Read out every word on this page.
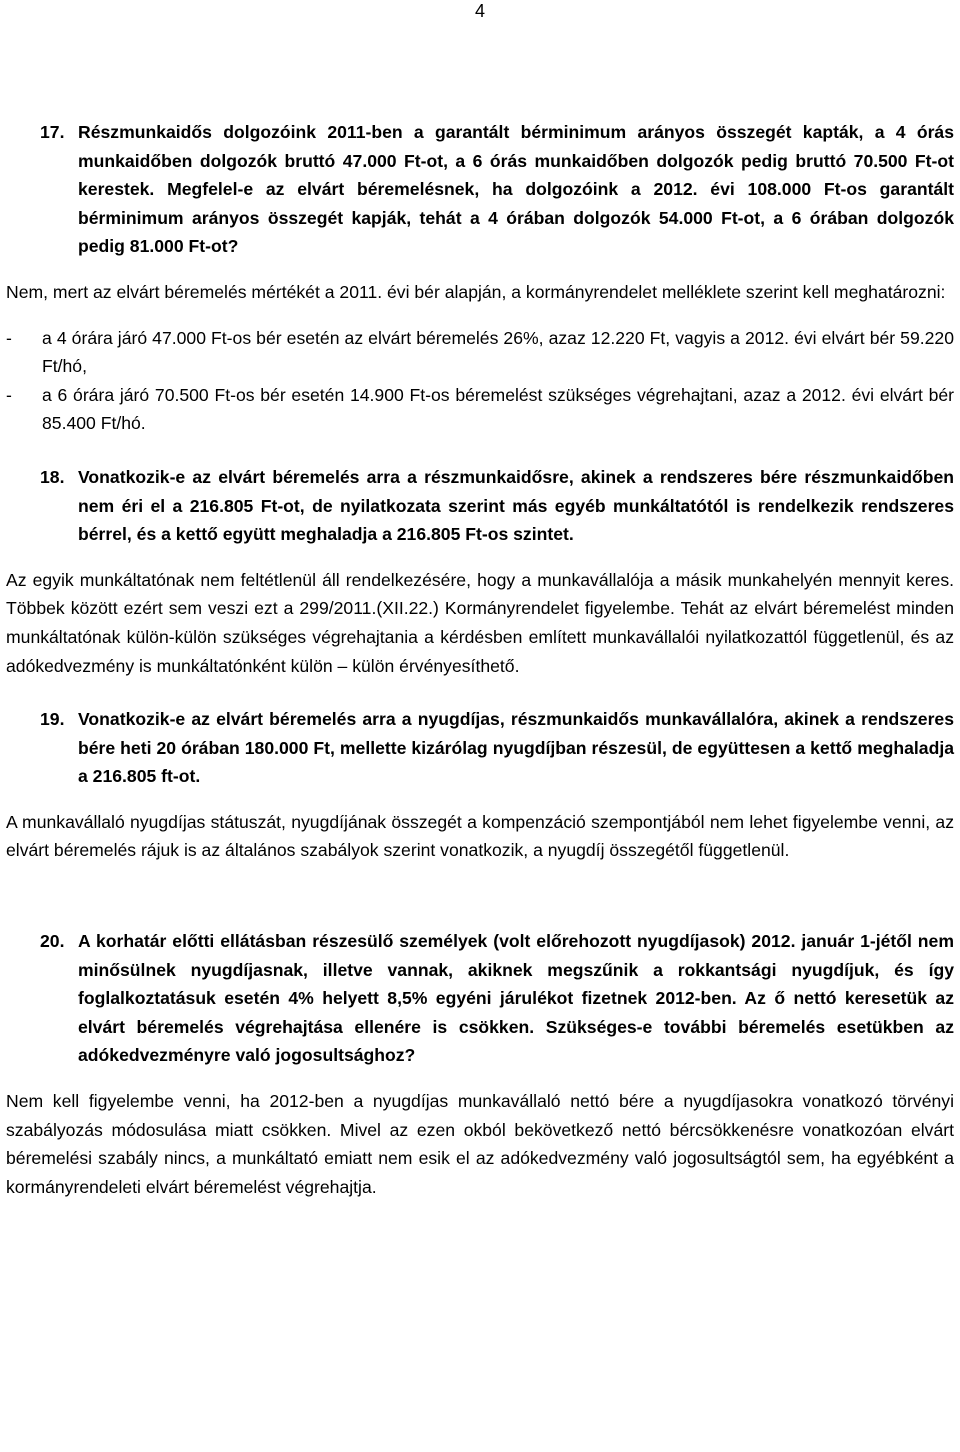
4
17. Részmunkaidős dolgozóink 2011-ben a garantált bérminimum arányos összegét kapták, a 4 órás munkaidőben dolgozók bruttó 47.000 Ft-ot, a 6 órás munkaidőben dolgozók pedig bruttó 70.500 Ft-ot kerestek. Megfelel-e az elvárt béremelésnek, ha dolgozóink a 2012. évi 108.000 Ft-os garantált bérminimum arányos összegét kapják, tehát a 4 órában dolgozók 54.000 Ft-ot, a 6 órában dolgozók pedig 81.000 Ft-ot?
Nem, mert az elvárt béremelés mértékét a 2011. évi bér alapján, a kormányrendelet melléklete szerint kell meghatározni:
- a 4 órára járó 47.000 Ft-os bér esetén az elvárt béremelés 26%, azaz 12.220 Ft, vagyis a 2012. évi elvárt bér 59.220 Ft/hó,
- a 6 órára járó 70.500 Ft-os bér esetén 14.900 Ft-os béremelést szükséges végrehajtani, azaz a 2012. évi elvárt bér 85.400 Ft/hó.
18. Vonatkozik-e az elvárt béremelés arra a részmunkaidősre, akinek a rendszeres bére részmunkaidőben nem éri el a 216.805 Ft-ot, de nyilatkozata szerint más egyéb munkáltatótól is rendelkezik rendszeres bérrel, és a kettő együtt meghaladja a 216.805 Ft-os szintet.
Az egyik munkáltatónak nem feltétlenül áll rendelkezésére, hogy a munkavállalója a másik munkahelyén mennyit keres. Többek között ezért sem veszi ezt a 299/2011.(XII.22.) Kormányrendelet figyelembe. Tehát az elvárt béremelést minden munkáltatónak külön-külön szükséges végrehajtania a kérdésben említett munkavállalói nyilatkozattól függetlenül, és az adókedvezmény is munkáltatónként külön – külön érvényesíthető.
19. Vonatkozik-e az elvárt béremelés arra a nyugdíjas, részmunkaidős munkavállalóra, akinek a rendszeres bére heti 20 órában 180.000 Ft, mellette kizárólag nyugdíjban részesül, de együttesen a kettő meghaladja a 216.805 ft-ot.
A munkavállaló nyugdíjas státuszát, nyugdíjának összegét a kompenzáció szempontjából nem lehet figyelembe venni, az elvárt béremelés rájuk is az általános szabályok szerint vonatkozik, a nyugdíj összegétől függetlenül.
20. A korhatár előtti ellátásban részesülő személyek (volt előrehozott nyugdíjasok) 2012. január 1-jétől nem minősülnek nyugdíjasnak, illetve vannak, akiknek megszűnik a rokkantsági nyugdíjuk, és így foglalkoztatásuk esetén 4% helyett 8,5% egyéni járulékot fizetnek 2012-ben. Az ő nettó keresetük az elvárt béremelés végrehajtása ellenére is csökken. Szükséges-e további béremelés esetükben az adókedvezményre való jogosultsághoz?
Nem kell figyelembe venni, ha 2012-ben a nyugdíjas munkavállaló nettó bére a nyugdíjasokra vonatkozó törvényi szabályozás módosulása miatt csökken. Mivel az ezen okból bekövetkező nettó bércsökkenésre vonatkozóan elvárt béremelési szabály nincs, a munkáltató emiatt nem esik el az adókedvezmény való jogosultságtól sem, ha egyébként a kormányrendeleti elvárt béremelést végrehajtja.
